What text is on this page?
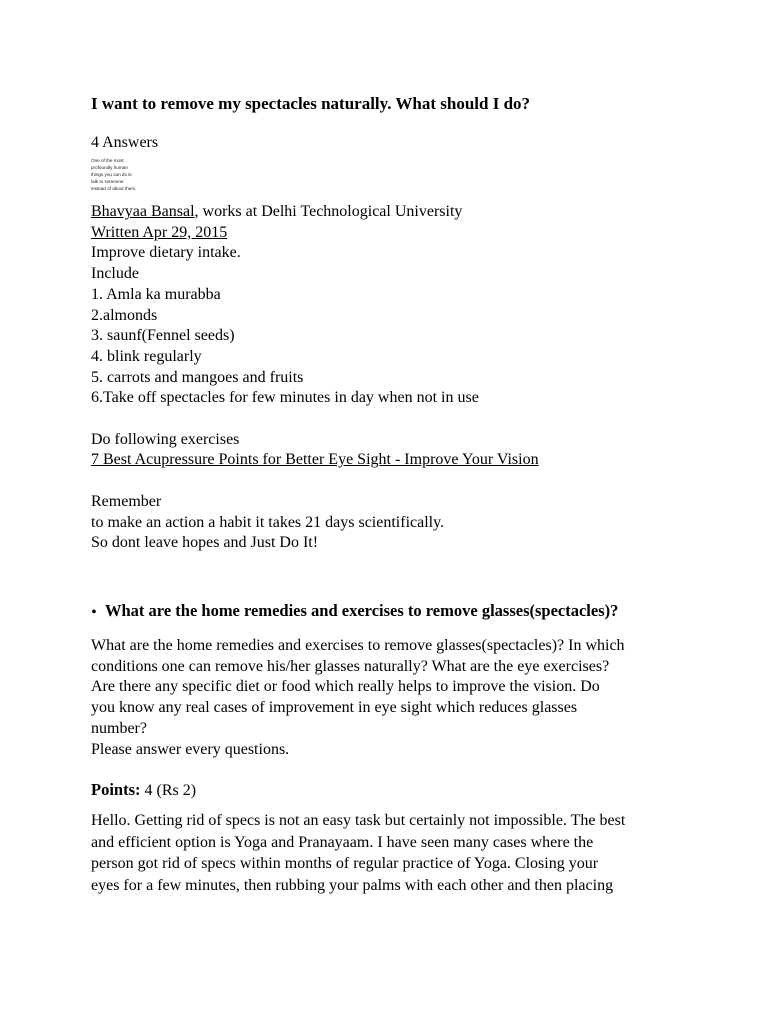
I want to remove my spectacles naturally. What should I do?
4 Answers
One of the most
profoundly human
things you can do is
talk to someone
instead of about them.
Bhavyaa Bansal, works at Delhi Technological University
Written Apr 29, 2015
Improve dietary intake.
Include
1. Amla ka murabba
2.almonds
3. saunf(Fennel seeds)
4. blink regularly
5. carrots and mangoes and fruits
6.Take off spectacles for few minutes in day when not in use
Do following exercises
7 Best Acupressure Points for Better Eye Sight - Improve Your Vision
Remember
to make an action a habit it takes 21 days scientifically.
So dont leave hopes and Just Do It!
• What are the home remedies and exercises to remove glasses(spectacles)?
What are the home remedies and exercises to remove glasses(spectacles)? In which
conditions one can remove his/her glasses naturally? What are the eye exercises?
Are there any specific diet or food which really helps to improve the vision. Do
you know any real cases of improvement in eye sight which reduces glasses
number?
Please answer every questions.
Points: 4 (Rs 2)
Hello. Getting rid of specs is not an easy task but certainly not impossible. The best
and efficient option is Yoga and Pranayaam. I have seen many cases where the
person got rid of specs within months of regular practice of Yoga. Closing your
eyes for a few minutes, then rubbing your palms with each other and then placing
